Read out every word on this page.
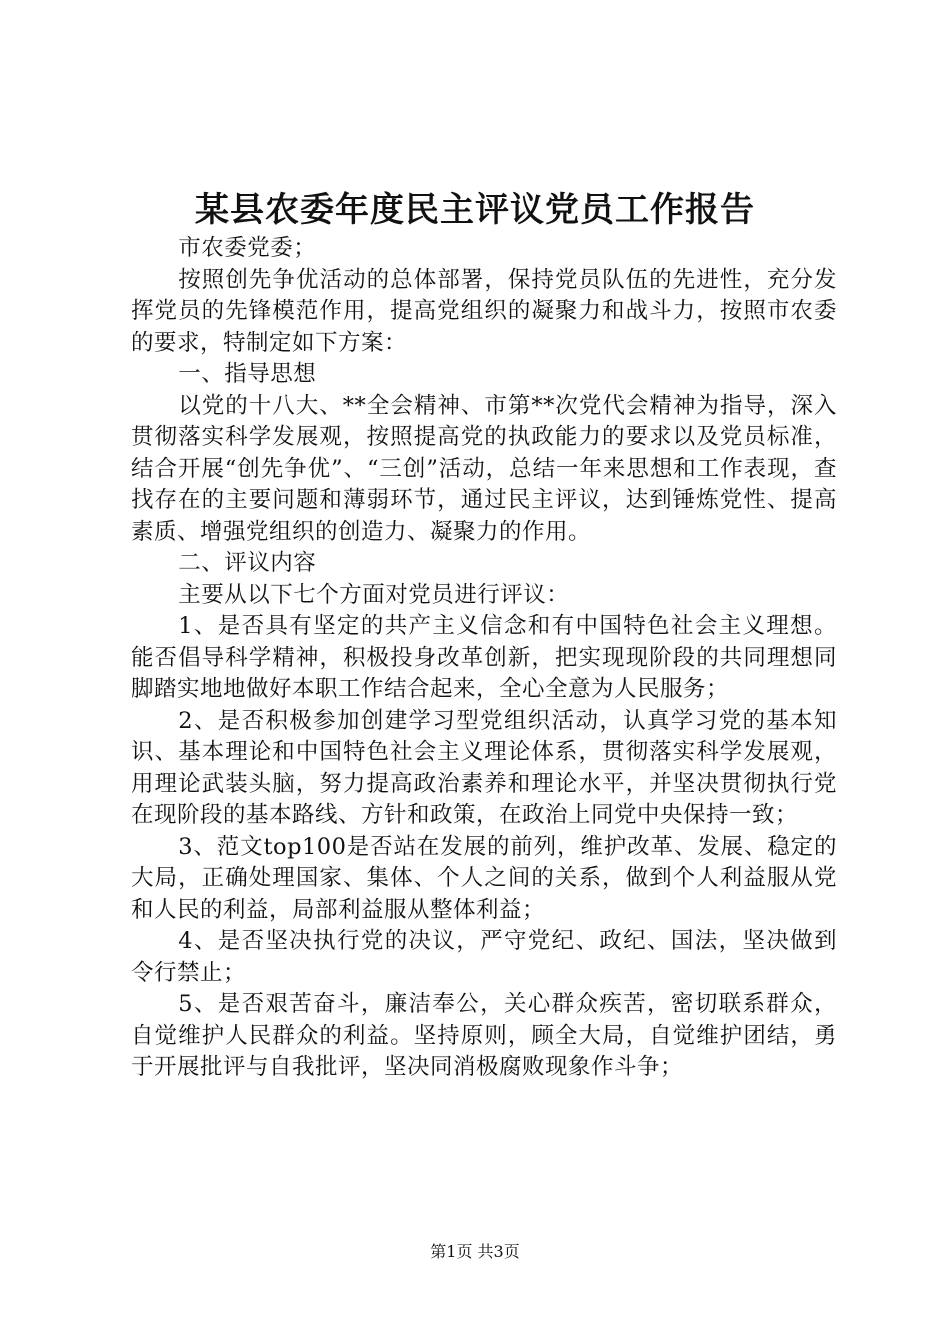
某县农委年度民主评议党员工作报告

市农委党委；

按照创先争优活动的总体部署，保持党员队伍的先进性，充分发挥党员的先锋模范作用，提高党组织的凝聚力和战斗力，按照市农委的要求，特制定如下方案：

一、指导思想

以党的十八大、**全会精神、市第**次党代会精神为指导，深入贯彻落实科学发展观，按照提高党的执政能力的要求以及党员标准，结合开展“创先争优”、“三创”活动，总结一年来思想和工作表现，查找存在的主要问题和薄弱环节，通过民主评议，达到锤炼党性、提高素质、增强党组织的创造力、凝聚力的作用。

二、评议内容

主要从以下七个方面对党员进行评议：

1、是否具有坚定的共产主义信念和有中国特色社会主义理想。能否倡导科学精神，积极投身改革创新，把实现现阶段的共同理想同脚踏实地地做好本职工作结合起来，全心全意为人民服务；

2、是否积极参加创建学习型党组织活动，认真学习党的基本知识、基本理论和中国特色社会主义理论体系，贯彻落实科学发展观，用理论武装头脑，努力提高政治素养和理论水平，并坚决贯彻执行党在现阶段的基本路线、方针和政策，在政治上同党中央保持一致；

3、范文top100是否站在发展的前列，维护改革、发展、稳定的大局，正确处理国家、集体、个人之间的关系，做到个人利益服从党和人民的利益，局部利益服从整体利益；

4、是否坚决执行党的决议，严守党纪、政纪、国法，坚决做到令行禁止；

5、是否艰苦奋斗，廉洁奉公，关心群众疾苦，密切联系群众，自觉维护人民群众的利益。坚持原则，顾全大局，自觉维护团结，勇于开展批评与自我批评，坚决同消极腐败现象作斗争；

第1页 共3页
